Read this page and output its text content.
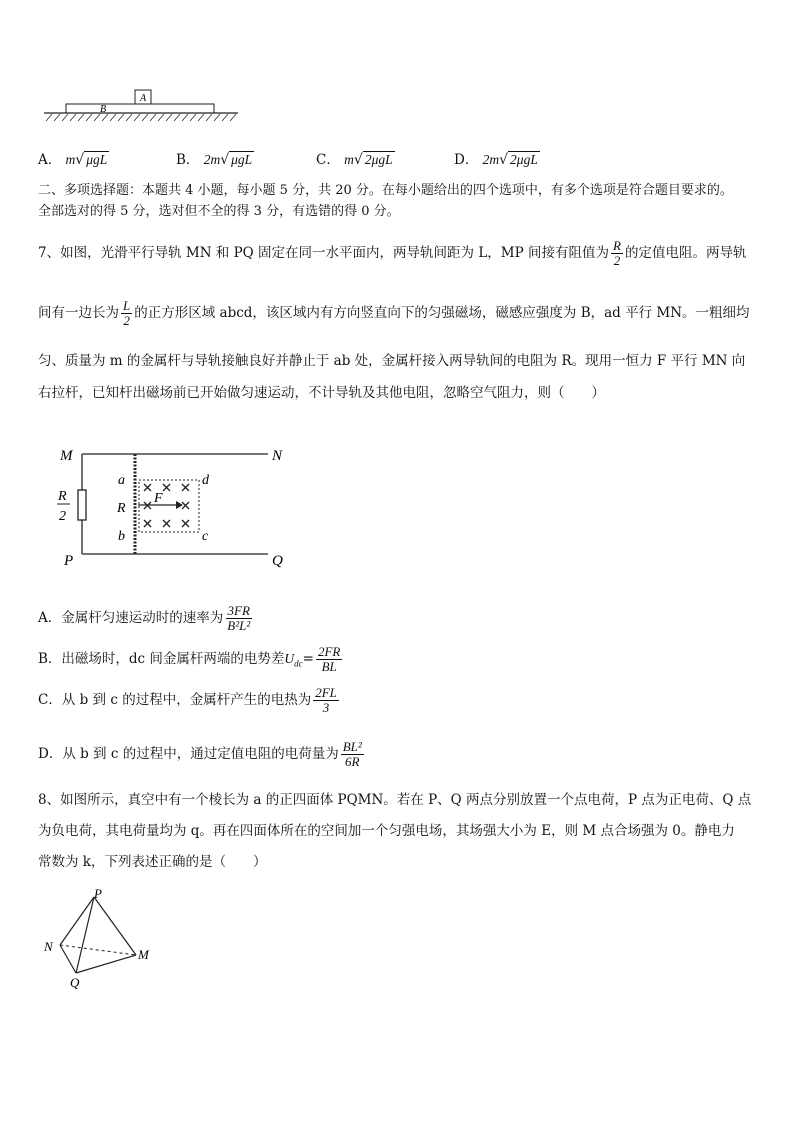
A
B
A． m√ μgL	B． 2m√ μgL	C． m√ 2μgL	D． 2m√ 2μgL
二、多项选择题：本题共 4 小题，每小题 5 分，共 20 分。在每小题给出的四个选项中，有多个选项是符合题目要求的。
全部选对的得 5 分，选对但不全的得 3 分，有选错的得 0 分。
7、如图，光滑平行导轨 MN 和 PQ 固定在同一水平面内，两导轨间距为 L，MP 间接有阻值为 $\frac{R}{2}$ 的定值电阻。两导轨
间有一边长为 $\frac{L}{2}$ 的正方形区域 abcd，该区域内有方向竖直向下的匀强磁场，磁感应强度为 B，ad 平行 MN。一粗细均
匀、质量为 m 的金属杆与导轨接触良好并静止于 ab 处，金属杆接入两导轨间的电阻为 R。现用一恒力 F 平行 MN 向
右拉杆，已知杆出磁场前已开始做匀速运动，不计导轨及其他电阻，忽略空气阻力，则（　　）
M	N
P	Q
R
2
a
R
b
d
c
F
A．金属杆匀速运动时的速率为 $\frac{3FR}{\text{B²L²}}$
B．出磁场时，dc 间金属杆两端的电势差$U_{dc}= \frac{2FR}{BL}$
C．从 b 到 c 的过程中，金属杆产生的电热为 $\frac{2FL}{3}$
D．从 b 到 c 的过程中，通过定值电阻的电荷量为 $\frac{\text{BL²}}{6R}$
8、如图所示，真空中有一个棱长为 a 的正四面体 PQMN。若在 P、Q 两点分别放置一个点电荷，P 点为正电荷、Q 点
为负电荷，其电荷量均为 q。再在四面体所在的空间加一个匀强电场，其场强大小为 E，则 M 点合场强为 0。静电力
常数为 k，下列表述正确的是（　　）
P
N
M
Q
